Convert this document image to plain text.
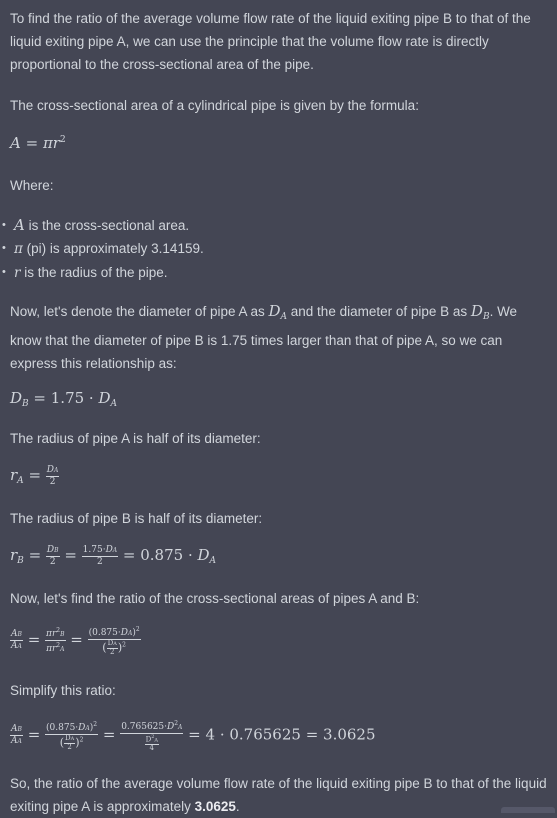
To find the ratio of the average volume flow rate of the liquid exiting pipe B to that of the liquid exiting pipe A, we can use the principle that the volume flow rate is directly proportional to the cross-sectional area of the pipe.

The cross-sectional area of a cylindrical pipe is given by the formula:

$A = \pi r^2$

Where:

• A is the cross-sectional area.
• π (pi) is approximately 3.14159.
• r is the radius of the pipe.

Now, let's denote the diameter of pipe A as $D_A$ and the diameter of pipe B as $D_B$. We know that the diameter of pipe B is 1.75 times larger than that of pipe A, so we can express this relationship as:

$D_B = 1.75 \cdot D_A$

The radius of pipe A is half of its diameter:

$r_A = \frac{DA}{2}$

The radius of pipe B is half of its diameter:

$r_B = \frac{DB}{2} = \frac{1.75\cdot DA}{2} = 0.875 \cdot D_A$

Now, let's find the ratio of the cross-sectional areas of pipes A and B:

$\frac{AB}{AA} = \frac{\pi r^2B}{\pi r^2A} = \frac{(0.875\cdot DA)^2}{( \frac{DA}{2} )^2}$

Simplify this ratio:

$\frac{AB}{AA} = \frac{(0.875\cdot DA)^2}{( \frac{DA}{2} )^2} = \frac{0.765625\cdot D^2A}{\frac{D^2A}{4}} = 4 \cdot 0.765625 = 3.0625$

So, the ratio of the average volume flow rate of the liquid exiting pipe B to that of the liquid exiting pipe A is approximately 3.0625.
